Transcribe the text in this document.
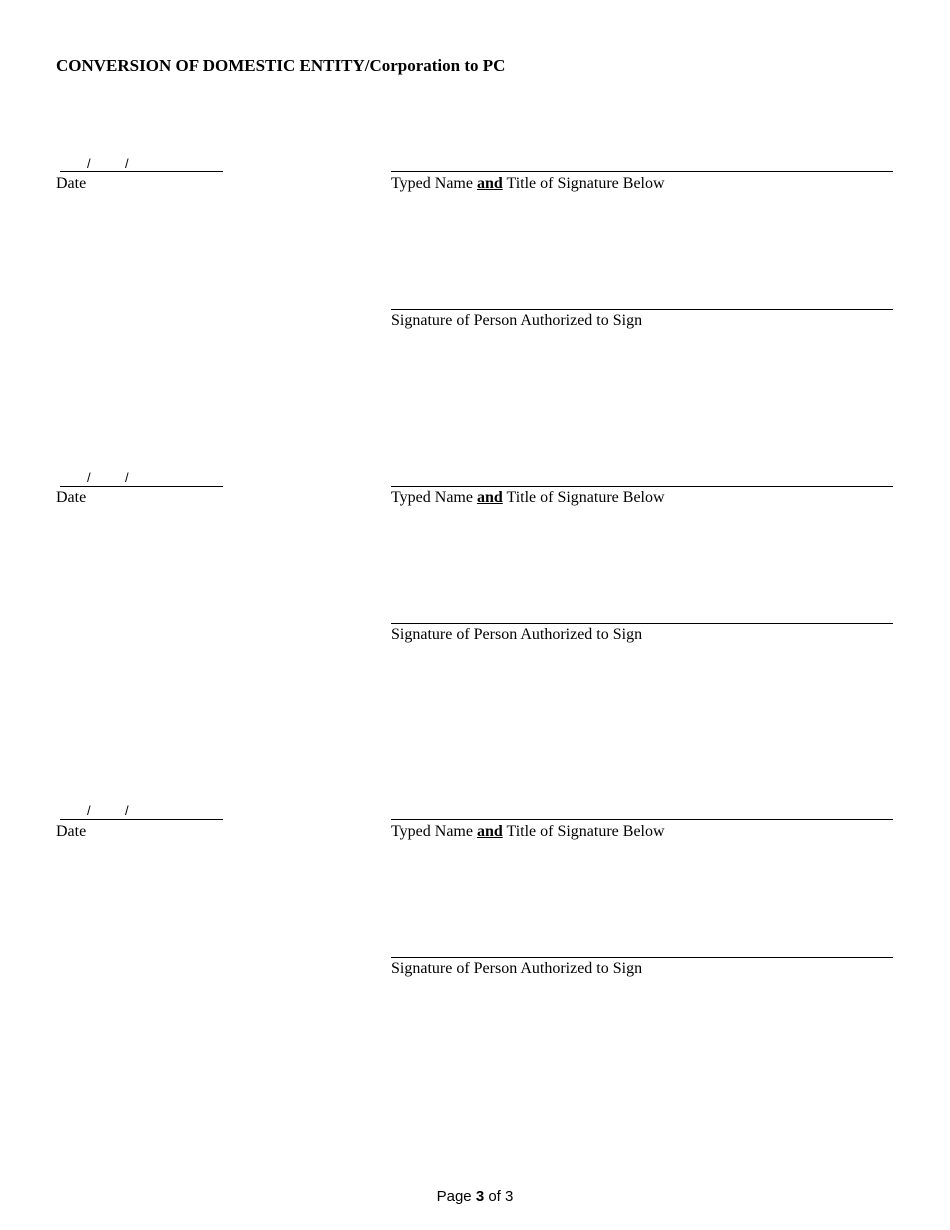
CONVERSION OF DOMESTIC ENTITY/Corporation to PC
/	/
Date	Typed Name and Title of Signature Below
Signature of Person Authorized to Sign
/	/
Date	Typed Name and Title of Signature Below
Signature of Person Authorized to Sign
/	/
Date	Typed Name and Title of Signature Below
Signature of Person Authorized to Sign
Page 3 of 3
